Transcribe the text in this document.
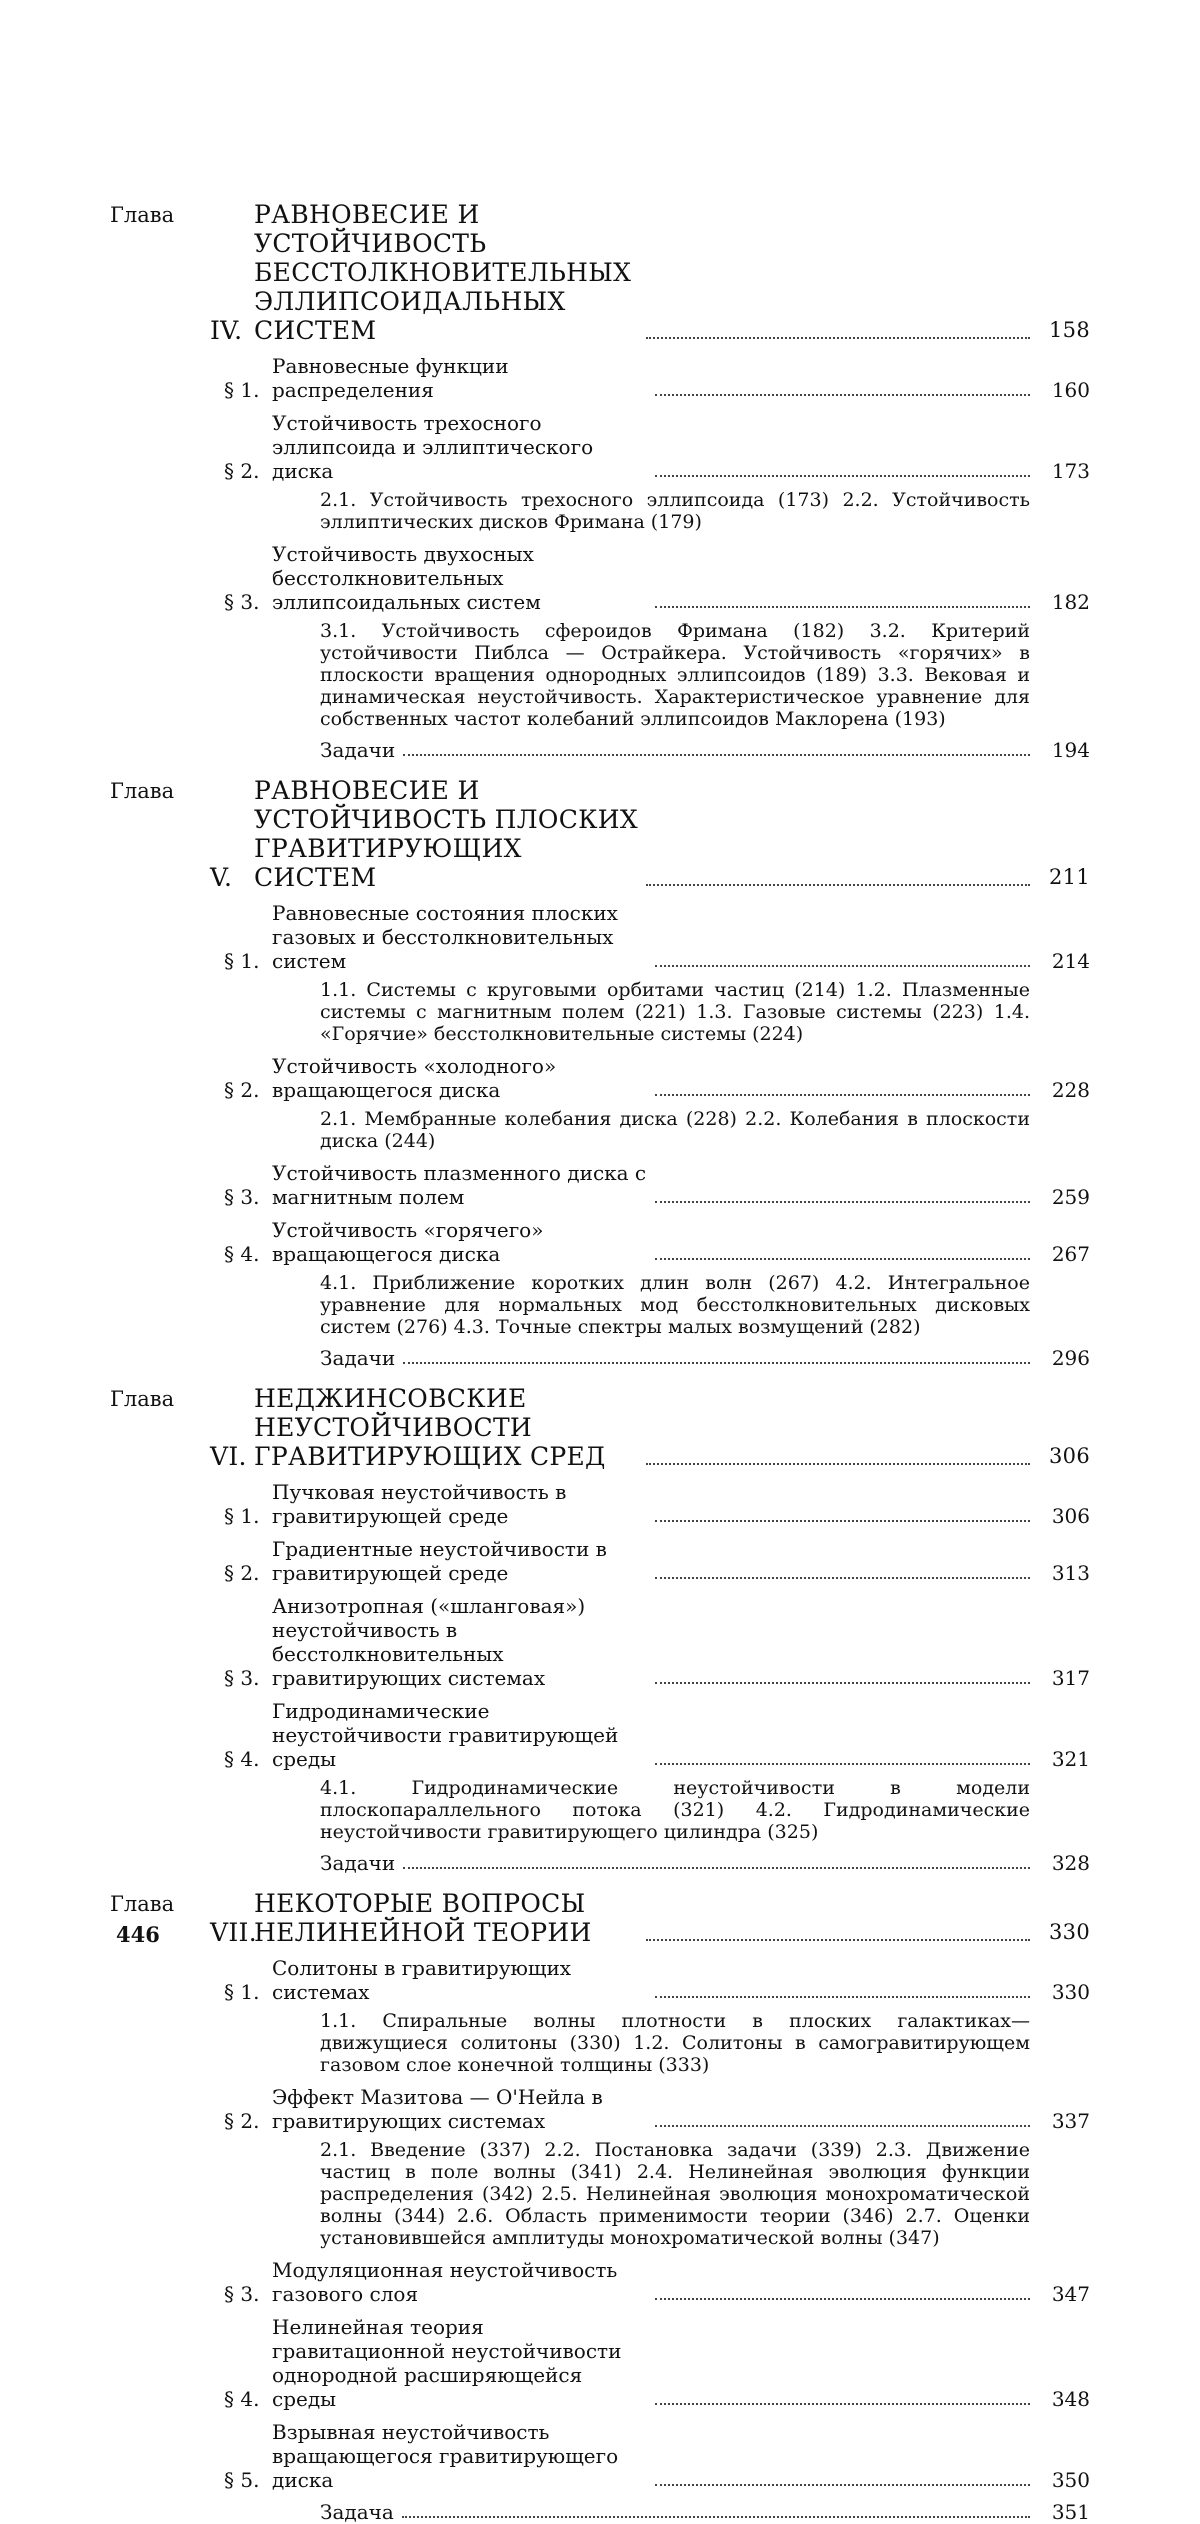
Глава
IV.
РАВНОВЕСИЕ И УСТОЙЧИВОСТЬ БЕССТОЛКНОВИТЕЛЬНЫХ ЭЛЛИПСОИДАЛЬНЫХ СИСТЕМ	158
§ 1.
Равновесные функции распределения	160
§ 2.
Устойчивость трехосного эллипсоида и эллиптического диска	173
2.1. Устойчивость трехосного эллипсоида (173) 2.2. Устойчивость эллиптических дисков Фримана (179)
§ 3.
Устойчивость двухосных бесстолкновительных эллипсоидальных систем	182
3.1. Устойчивость сфероидов Фримана (182) 3.2. Критерий устойчивости Пиблса — Острайкера. Устойчивость «горячих» в плоскости вращения однородных эллипсоидов (189) 3.3. Вековая и динамическая неустойчивость. Характеристическое уравнение для собственных частот колебаний эллипсоидов Маклорена (193)
Задачи	194
Глава
V.
РАВНОВЕСИЕ И УСТОЙЧИВОСТЬ ПЛОСКИХ ГРАВИТИРУЮЩИХ СИСТЕМ	211
§ 1.
Равновесные состояния плоских газовых и бесстолкновительных систем	214
1.1. Системы с круговыми орбитами частиц (214) 1.2. Плазменные системы с магнитным полем (221) 1.3. Газовые системы (223) 1.4. «Горячие» бесстолкновительные системы (224)
§ 2.
Устойчивость «холодного» вращающегося диска	228
2.1. Мембранные колебания диска (228) 2.2. Колебания в плоскости диска (244)
§ 3.
Устойчивость плазменного диска с магнитным полем	259
§ 4.
Устойчивость «горячего» вращающегося диска	267
4.1. Приближение коротких длин волн (267) 4.2. Интегральное уравнение для нормальных мод бесстолкновительных дисковых систем (276) 4.3. Точные спектры малых возмущений (282)
Задачи	296
Глава
VI.
НЕДЖИНСОВСКИЕ НЕУСТОЙЧИВОСТИ ГРАВИТИРУЮЩИХ СРЕД	306
§ 1.
Пучковая неустойчивость в гравитирующей среде	306
§ 2.
Градиентные неустойчивости в гравитирующей среде	313
§ 3.
Анизотропная («шланговая») неустойчивость в бесстолкновительных гравитирующих системах	317
§ 4.
Гидродинамические неустойчивости гравитирующей среды	321
4.1. Гидродинамические неустойчивости в модели плоскопараллельного потока (321) 4.2. Гидродинамические неустойчивости гравитирующего цилиндра (325)
Задачи	328
Глава
VII.
НЕКОТОРЫЕ ВОПРОСЫ НЕЛИНЕЙНОЙ ТЕОРИИ	330
§ 1.
Солитоны в гравитирующих системах	330
1.1. Спиральные волны плотности в плоских галактиках—движущиеся солитоны (330) 1.2. Солитоны в самогравитирующем газовом слое конечной толщины (333)
§ 2.
Эффект Мазитова — О'Нейла в гравитирующих системах	337
2.1. Введение (337) 2.2. Постановка задачи (339) 2.3. Движение частиц в поле волны (341) 2.4. Нелинейная эволюция функции распределения (342) 2.5. Нелинейная эволюция монохроматической волны (344) 2.6. Область применимости теории (346) 2.7. Оценки установившейся амплитуды монохроматической волны (347)
§ 3.
Модуляционная неустойчивость газового слоя	347
§ 4.
Нелинейная теория гравитационной неустойчивости однородной расширяющейся среды	348
§ 5.
Взрывная неустойчивость вращающегося гравитирующего диска	350
Задача	351
446
